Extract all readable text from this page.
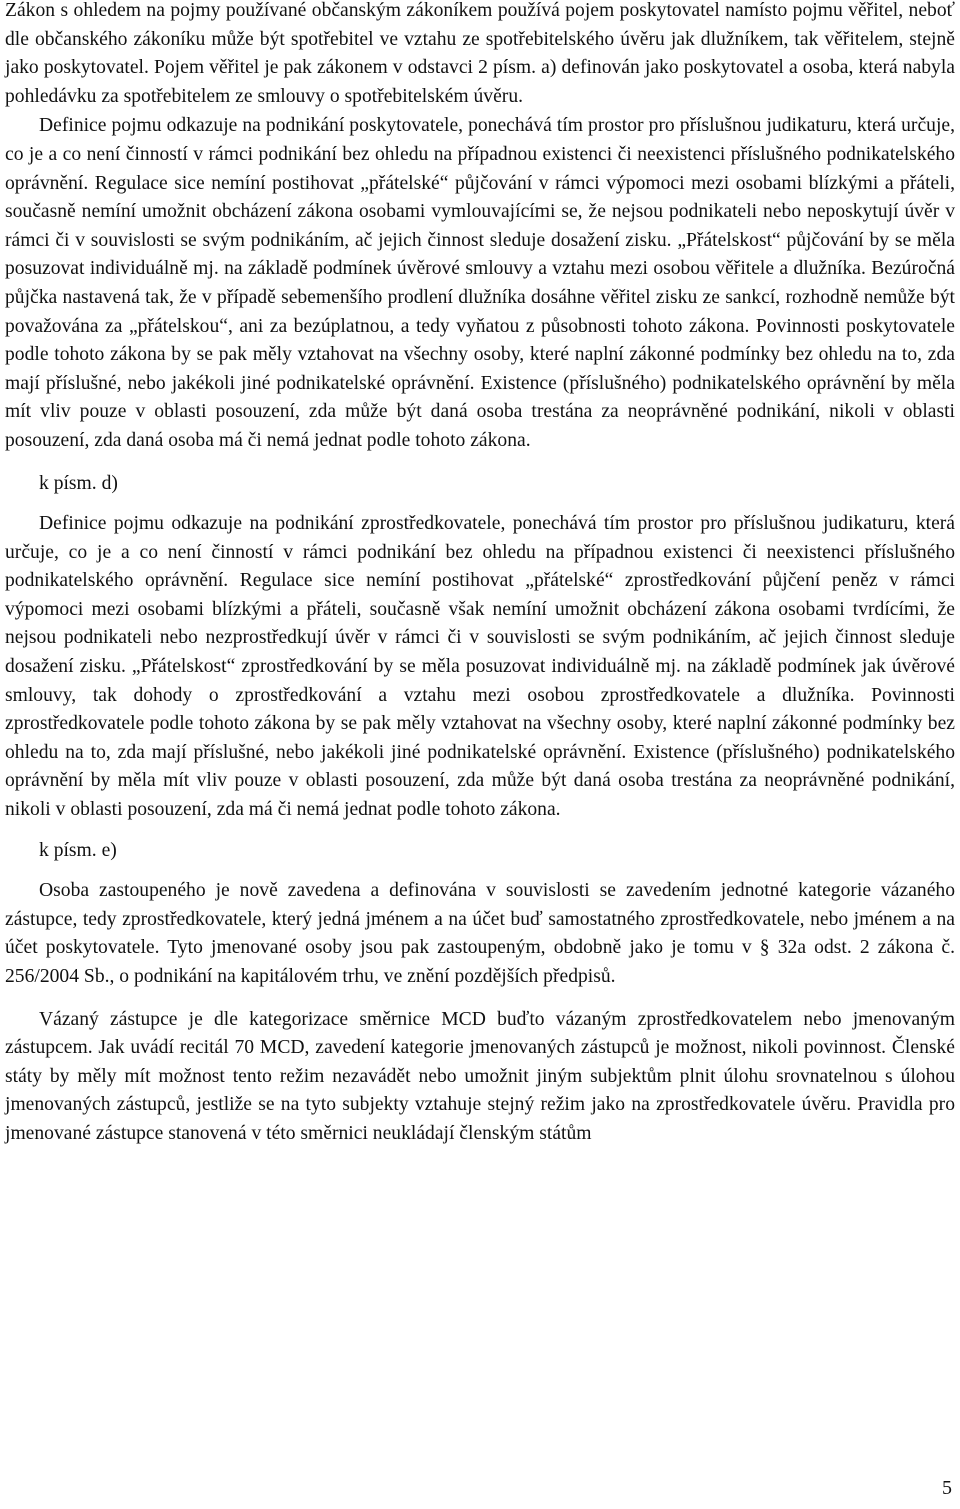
Zákon s ohledem na pojmy používané občanským zákoníkem používá pojem poskytovatel namísto pojmu věřitel, neboť dle občanského zákoníku může být spotřebitel ve vztahu ze spotřebitelského úvěru jak dlužníkem, tak věřitelem, stejně jako poskytovatel. Pojem věřitel je pak zákonem v odstavci 2 písm. a) definován jako poskytovatel a osoba, která nabyla pohledávku za spotřebitelem ze smlouvy o spotřebitelském úvěru.

Definice pojmu odkazuje na podnikání poskytovatele, ponechává tím prostor pro příslušnou judikaturu, která určuje, co je a co není činností v rámci podnikání bez ohledu na případnou existenci či neexistenci příslušného podnikatelského oprávnění. Regulace sice nemíní postihovat „přátelské“ půjčování v rámci výpomoci mezi osobami blízkými a přáteli, současně nemíní umožnit obcházení zákona osobami vymlouvajícími se, že nejsou podnikateli nebo neposkytují úvěr v rámci či v souvislosti se svým podnikáním, ač jejich činnost sleduje dosažení zisku. „Přátelskost“ půjčování by se měla posuzovat individuálně mj. na základě podmínek úvěrové smlouvy a vztahu mezi osobou věřitele a dlužníka. Bezúročná půjčka nastavená tak, že v případě sebemenšího prodlení dlužníka dosáhne věřitel zisku ze sankcí, rozhodně nemůže být považována za „přátelskou“, ani za bezúplatnou, a tedy vyňatou z působnosti tohoto zákona. Povinnosti poskytovatele podle tohoto zákona by se pak měly vztahovat na všechny osoby, které naplní zákonné podmínky bez ohledu na to, zda mají příslušné, nebo jakékoli jiné podnikatelské oprávnění. Existence (příslušného) podnikatelského oprávnění by měla mít vliv pouze v oblasti posouzení, zda může být daná osoba trestána za neoprávněné podnikání, nikoli v oblasti posouzení, zda daná osoba má či nemá jednat podle tohoto zákona.

k písm. d)

Definice pojmu odkazuje na podnikání zprostředkovatele, ponechává tím prostor pro příslušnou judikaturu, která určuje, co je a co není činností v rámci podnikání bez ohledu na případnou existenci či neexistenci příslušného podnikatelského oprávnění. Regulace sice nemíní postihovat „přátelské“ zprostředkování půjčení peněz v rámci výpomoci mezi osobami blízkými a přáteli, současně však nemíní umožnit obcházení zákona osobami tvrdícími, že nejsou podnikateli nebo nezprostředkují úvěr v rámci či v souvislosti se svým podnikáním, ač jejich činnost sleduje dosažení zisku. „Přátelskost“ zprostředkování by se měla posuzovat individuálně mj. na základě podmínek jak úvěrové smlouvy, tak dohody o zprostředkování a vztahu mezi osobou zprostředkovatele a dlužníka. Povinnosti zprostředkovatele podle tohoto zákona by se pak měly vztahovat na všechny osoby, které naplní zákonné podmínky bez ohledu na to, zda mají příslušné, nebo jakékoli jiné podnikatelské oprávnění. Existence (příslušného) podnikatelského oprávnění by měla mít vliv pouze v oblasti posouzení, zda může být daná osoba trestána za neoprávněné podnikání, nikoli v oblasti posouzení, zda má či nemá jednat podle tohoto zákona.

k písm. e)

Osoba zastoupeného je nově zavedena a definována v souvislosti se zavedením jednotné kategorie vázaného zástupce, tedy zprostředkovatele, který jedná jménem a na účet buď samostatného zprostředkovatele, nebo jménem a na účet poskytovatele. Tyto jmenované osoby jsou pak zastoupeným, obdobně jako je tomu v § 32a odst. 2 zákona č. 256/2004 Sb., o podnikání na kapitálovém trhu, ve znění pozdějších předpisů.

Vázaný zástupce je dle kategorizace směrnice MCD buďto vázaným zprostředkovatelem nebo jmenovaným zástupcem. Jak uvádí recitál 70 MCD, zavedení kategorie jmenovaných zástupců je možnost, nikoli povinnost. Členské státy by měly mít možnost tento režim nezavádět nebo umožnit jiným subjektům plnit úlohu srovnatelnou s úlohou jmenovaných zástupců, jestliže se na tyto subjekty vztahuje stejný režim jako na zprostředkovatele úvěru. Pravidla pro jmenované zástupce stanovená v této směrnici neukládají členským státům

5
